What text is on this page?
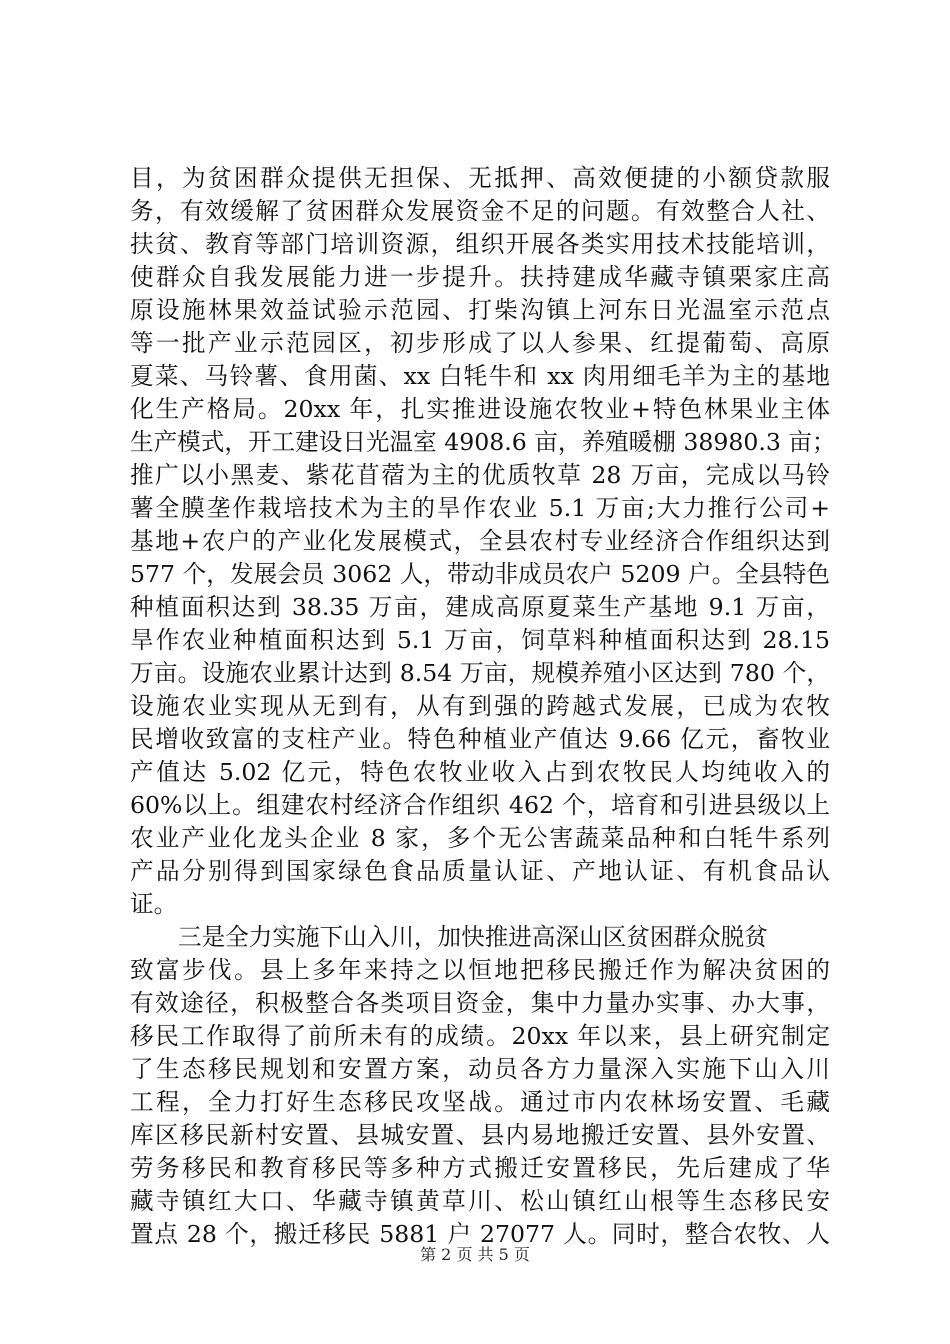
目，为贫困群众提供无担保、无抵押、高效便捷的小额贷款服
务，有效缓解了贫困群众发展资金不足的问题。有效整合人社、
扶贫、教育等部门培训资源，组织开展各类实用技术技能培训，
使群众自我发展能力进一步提升。扶持建成华藏寺镇栗家庄高
原设施林果效益试验示范园、打柴沟镇上河东日光温室示范点
等一批产业示范园区，初步形成了以人参果、红提葡萄、高原
夏菜、马铃薯、食用菌、xx 白牦牛和 xx 肉用细毛羊为主的基地
化生产格局。20xx 年，扎实推进设施农牧业+特色林果业主体
生产模式，开工建设日光温室 4908.6 亩，养殖暖棚 38980.3 亩；
推广以小黑麦、紫花苜蓿为主的优质牧草 28 万亩，完成以马铃
薯全膜垄作栽培技术为主的旱作农业 5.1 万亩;大力推行公司+
基地+农户的产业化发展模式，全县农村专业经济合作组织达到
577 个，发展会员 3062 人，带动非成员农户 5209 户。全县特色
种植面积达到 38.35 万亩，建成高原夏菜生产基地 9.1 万亩，
旱作农业种植面积达到 5.1 万亩，饲草料种植面积达到 28.15
万亩。设施农业累计达到 8.54 万亩，规模养殖小区达到 780 个，
设施农业实现从无到有，从有到强的跨越式发展，已成为农牧
民增收致富的支柱产业。特色种植业产值达 9.66 亿元，畜牧业
产值达 5.02 亿元，特色农牧业收入占到农牧民人均纯收入的
60%以上。组建农村经济合作组织 462 个，培育和引进县级以上
农业产业化龙头企业 8 家，多个无公害蔬菜品种和白牦牛系列
产品分别得到国家绿色食品质量认证、产地认证、有机食品认
证。
三是全力实施下山入川，加快推进高深山区贫困群众脱贫
致富步伐。县上多年来持之以恒地把移民搬迁作为解决贫困的
有效途径，积极整合各类项目资金，集中力量办实事、办大事，
移民工作取得了前所未有的成绩。20xx 年以来，县上研究制定
了生态移民规划和安置方案，动员各方力量深入实施下山入川
工程，全力打好生态移民攻坚战。通过市内农林场安置、毛藏
库区移民新村安置、县城安置、县内易地搬迁安置、县外安置、
劳务移民和教育移民等多种方式搬迁安置移民，先后建成了华
藏寺镇红大口、华藏寺镇黄草川、松山镇红山根等生态移民安
置点 28 个，搬迁移民 5881 户 27077 人。同时，整合农牧、人
第 2 页 共 5 页
